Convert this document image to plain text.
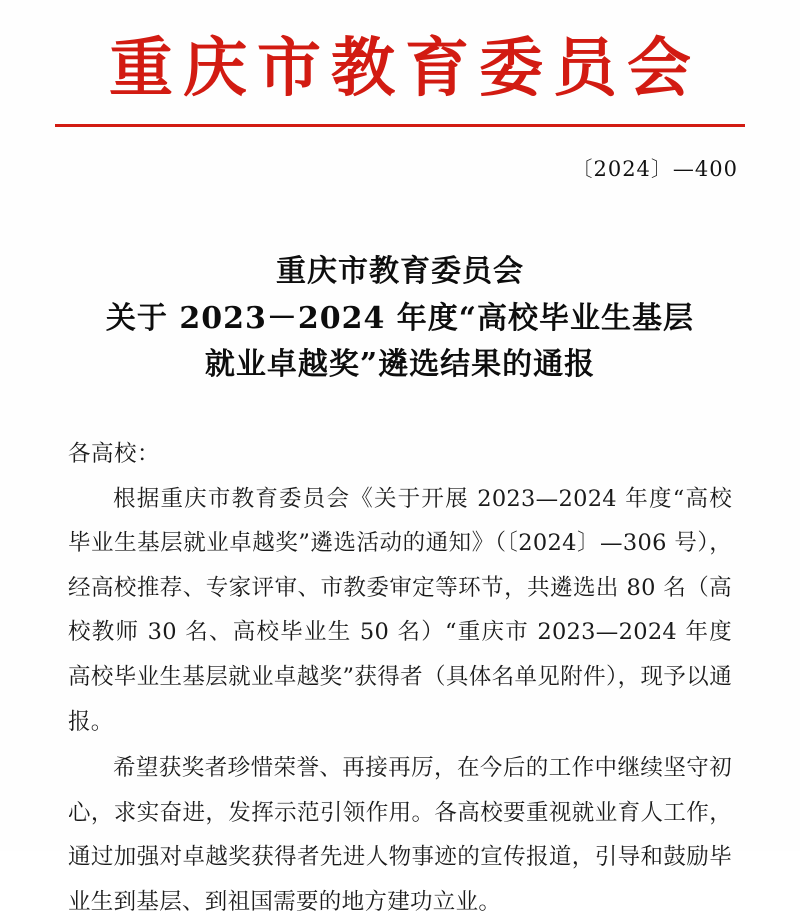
重庆市教育委员会
〔2024〕—400
重庆市教育委员会
关于 2023－2024 年度“高校毕业生基层
就业卓越奖”遴选结果的通报
各高校：

根据重庆市教育委员会《关于开展 2023—2024 年度“高校毕业生基层就业卓越奖”遴选活动的通知》（〔2024〕—306 号），经高校推荐、专家评审、市教委审定等环节，共遴选出 80 名（高校教师 30 名、高校毕业生 50 名）“重庆市 2023—2024 年度高校毕业生基层就业卓越奖”获得者（具体名单见附件），现予以通报。

希望获奖者珍惜荣誉、再接再厉，在今后的工作中继续坚守初心，求实奋进，发挥示范引领作用。各高校要重视就业育人工作，通过加强对卓越奖获得者先进人物事迹的宣传报道，引导和鼓励毕业生到基层、到祖国需要的地方建功立业。
